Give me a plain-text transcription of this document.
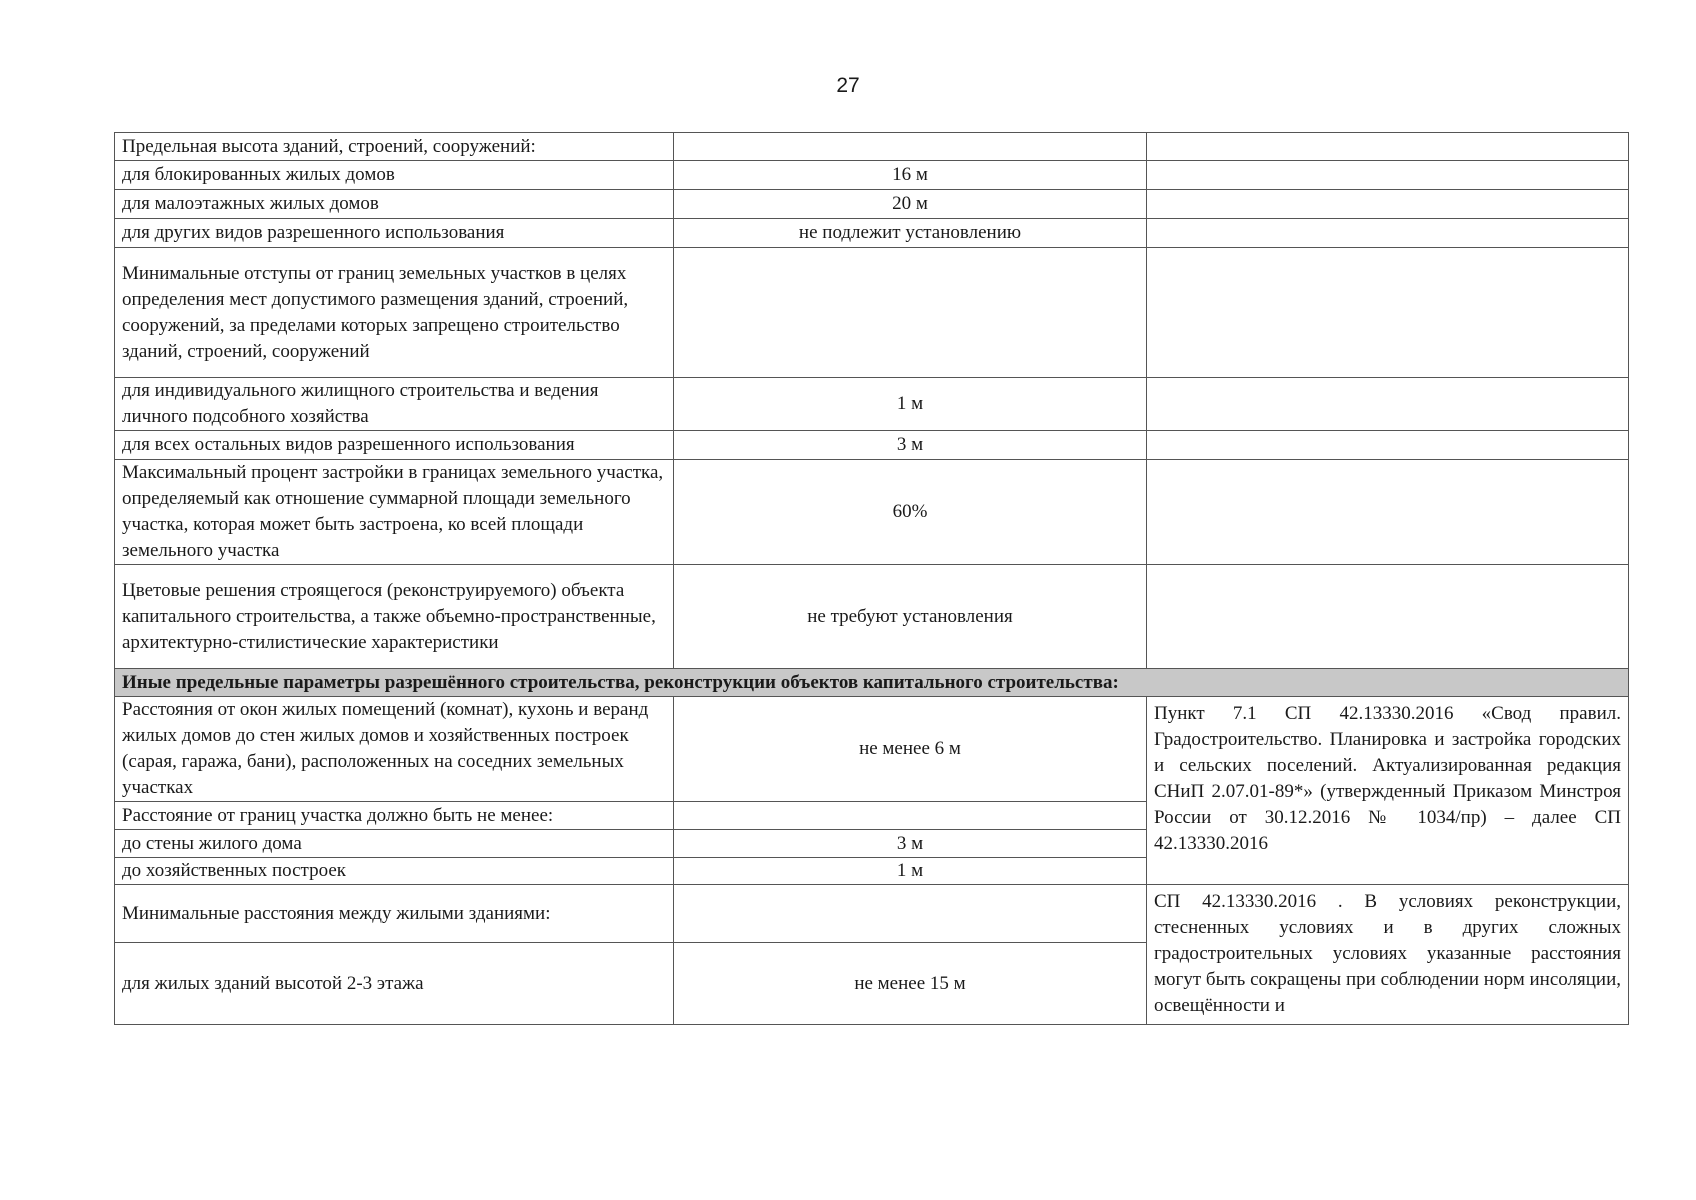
27
Предельная высота зданий, строений, сооружений:		
для блокированных жилых домов	16 м	
для малоэтажных жилых домов	20 м	
для других видов разрешенного использования	не подлежит установлению	
Минимальные отступы от границ земельных участков в целях определения мест допустимого размещения зданий, строений, сооружений, за пределами которых запрещено строительство зданий, строений, сооружений		
для индивидуального жилищного строительства и ведения личного подсобного хозяйства	1 м	
для всех остальных видов разрешенного использования	3 м	
Максимальный процент застройки в границах земельного участка, определяемый как отношение суммарной площади земельного участка, которая может быть застроена, ко всей площади земельного участка	60%	
Цветовые решения строящегося (реконструируемого) объекта капитального строительства, а также объемно-пространственные, архитектурно-стилистические характеристики	не требуют установления	
Иные предельные параметры разрешённого строительства, реконструкции объектов капитального строительства:		
Расстояния от окон жилых помещений (комнат), кухонь и веранд жилых домов до стен жилых домов и хозяйственных построек (сарая, гаража, бани), расположенных на соседних земельных участках	не менее 6 м	Пункт 7.1 СП 42.13330.2016 «Свод правил. Градостроительство. Планировка и застройка городских и сельских поселений. Актуализированная редакция СНиП 2.07.01-89*» (утвержденный Приказом Минстроя России от 30.12.2016 № 1034/пр) – далее СП 42.13330.2016
Расстояние от границ участка должно быть не менее:		
до стены жилого дома	3 м	
до хозяйственных построек	1 м	
Минимальные расстояния между жилыми зданиями:		СП 42.13330.2016 . В условиях реконструкции, стесненных условиях и в других сложных градостроительных условиях указанные расстояния могут быть сокращены при соблюдении норм инсоляции, освещённости и
для жилых зданий высотой 2-3 этажа	не менее 15 м	
